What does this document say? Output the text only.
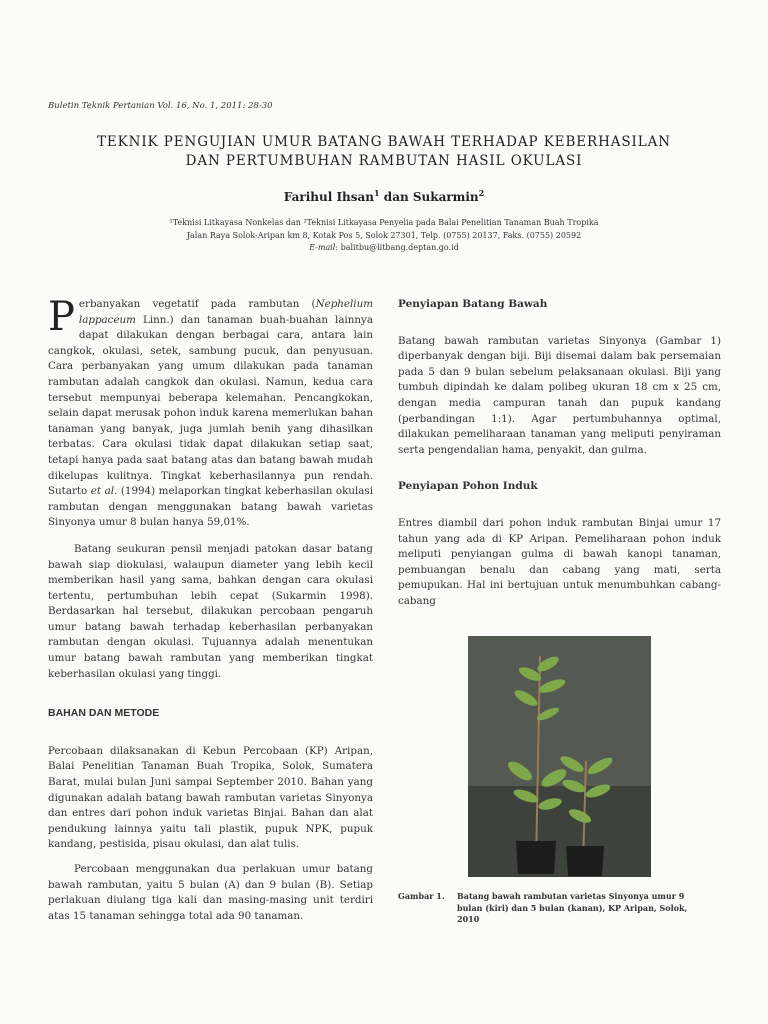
Buletin Teknik Pertanian Vol. 16, No. 1, 2011: 28-30
TEKNIK PENGUJIAN UMUR BATANG BAWAH TERHADAP KEBERHASILAN
DAN PERTUMBUHAN RAMBUTAN HASIL OKULASI
Farihul Ihsan$^1$ dan Sukarmin$^2$
¹Teknisi Litkayasa Nonkelas dan ²Teknisi Litkayasa Penyelia pada Balai Penelitian Tanaman Buah Tropika
Jalan Raya Solok-Aripan km 8, Kotak Pos 5, Solok 27301, Telp. (0755) 20137, Faks. (0755) 20592
E-mail: balitbu@litbang.deptan.go.id

Perbanyakan vegetatif pada rambutan (Nephelium lappaceum Linn.) dan tanaman buah-buahan lainnya dapat dilakukan dengan berbagai cara, antara lain cangkok, okulasi, setek, sambung pucuk, dan penyusuan. Cara perbanyakan yang umum dilakukan pada tanaman rambutan adalah cangkok dan okulasi. Namun, kedua cara tersebut mempunyai beberapa kelemahan. Pencangkokan, selain dapat merusak pohon induk karena memerlukan bahan tanaman yang banyak, juga jumlah benih yang dihasilkan terbatas. Cara okulasi tidak dapat dilakukan setiap saat, tetapi hanya pada saat batang atas dan batang bawah mudah dikelupas kulitnya. Tingkat keberhasilannya pun rendah. Sutarto et al. (1994) melaporkan tingkat keberhasilan okulasi rambutan dengan menggunakan batang bawah varietas Sinyonya umur 8 bulan hanya 59,01%.

Batang seukuran pensil menjadi patokan dasar batang bawah siap diokulasi, walaupun diameter yang lebih kecil memberikan hasil yang sama, bahkan dengan cara okulasi tertentu, pertumbuhan lebih cepat (Sukarmin 1998). Berdasarkan hal tersebut, dilakukan percobaan pengaruh umur batang bawah terhadap keberhasilan perbanyakan rambutan dengan okulasi. Tujuannya adalah menentukan umur batang bawah rambutan yang memberikan tingkat keberhasilan okulasi yang tinggi.

BAHAN DAN METODE

Percobaan dilaksanakan di Kebun Percobaan (KP) Aripan, Balai Penelitian Tanaman Buah Tropika, Solok, Sumatera Barat, mulai bulan Juni sampai September 2010. Bahan yang digunakan adalah batang bawah rambutan varietas Sinyonya dan entres dari pohon induk varietas Binjai. Bahan dan alat pendukung lainnya yaitu tali plastik, pupuk NPK, pupuk kandang, pestisida, pisau okulasi, dan alat tulis.

Percobaan menggunakan dua perlakuan umur batang bawah rambutan, yaitu 5 bulan (A) dan 9 bulan (B). Setiap perlakuan diulang tiga kali dan masing-masing unit terdiri atas 15 tanaman sehingga total ada 90 tanaman.

Penyiapan Batang Bawah

Batang bawah rambutan varietas Sinyonya (Gambar 1) diperbanyak dengan biji. Biji disemai dalam bak persemaian pada 5 dan 9 bulan sebelum pelaksanaan okulasi. Biji yang tumbuh dipindah ke dalam polibeg ukuran 18 cm x 25 cm, dengan media campuran tanah dan pupuk kandang (perbandingan 1:1). Agar pertumbuhannya optimal, dilakukan pemeliharaan tanaman yang meliputi penyiraman serta pengendalian hama, penyakit, dan gulma.

Penyiapan Pohon Induk

Entres diambil dari pohon induk rambutan Binjai umur 17 tahun yang ada di KP Aripan. Pemeliharaan pohon induk meliputi penyiangan gulma di bawah kanopi tanaman, pembuangan benalu dan cabang yang mati, serta pemupukan. Hal ini bertujuan untuk menumbuhkan cabang-cabang

Gambar 1. Batang bawah rambutan varietas Sinyonya umur 9 bulan (kiri) dan 5 bulan (kanan), KP Aripan, Solok, 2010
